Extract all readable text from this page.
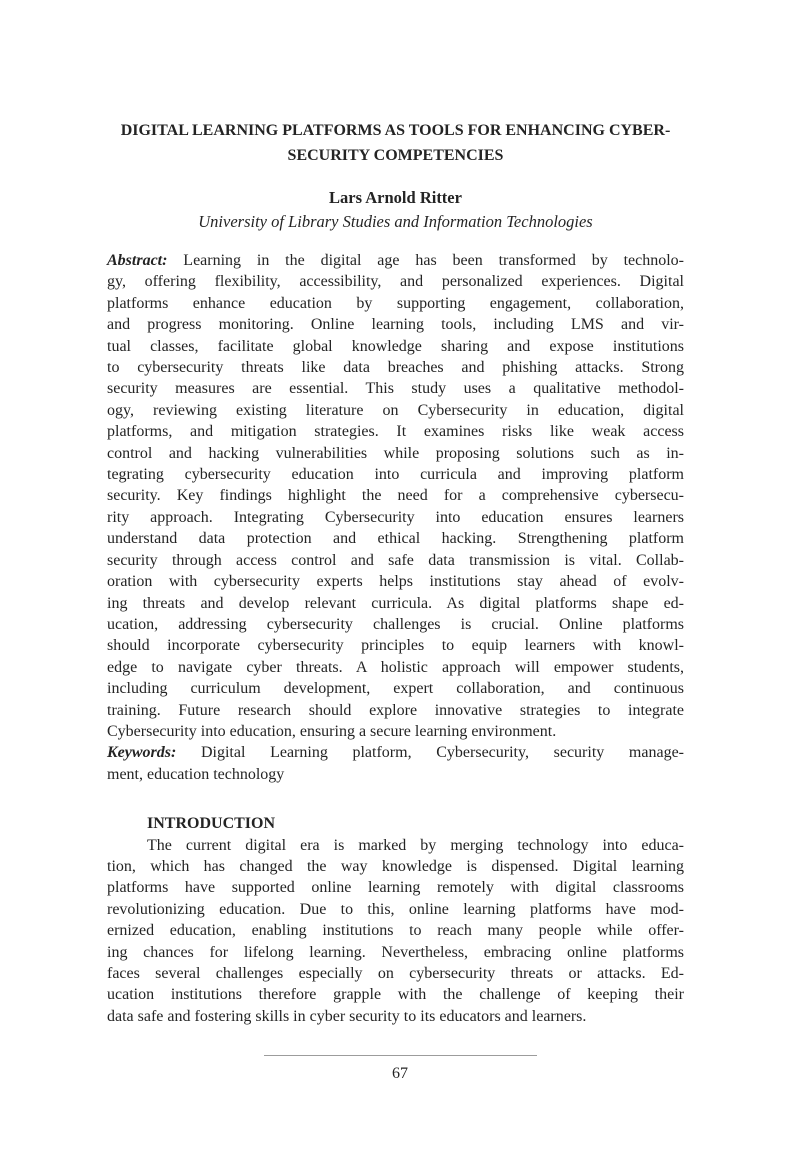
DIGITAL LEARNING PLATFORMS AS TOOLS FOR ENHANCING CYBER-
SECURITY COMPETENCIES
Lars Arnold Ritter
University of Library Studies and Information Technologies
Abstract: Learning in the digital age has been transformed by technolo-
gy, offering flexibility, accessibility, and personalized experiences. Digital
platforms enhance education by supporting engagement, collaboration,
and progress monitoring. Online learning tools, including LMS and vir-
tual classes, facilitate global knowledge sharing and expose institutions
to cybersecurity threats like data breaches and phishing attacks. Strong
security measures are essential. This study uses a qualitative methodol-
ogy, reviewing existing literature on Cybersecurity in education, digital
platforms, and mitigation strategies. It examines risks like weak access
control and hacking vulnerabilities while proposing solutions such as in-
tegrating cybersecurity education into curricula and improving platform
security. Key findings highlight the need for a comprehensive cybersecu-
rity approach. Integrating Cybersecurity into education ensures learners
understand data protection and ethical hacking. Strengthening platform
security through access control and safe data transmission is vital. Collab-
oration with cybersecurity experts helps institutions stay ahead of evolv-
ing threats and develop relevant curricula. As digital platforms shape ed-
ucation, addressing cybersecurity challenges is crucial. Online platforms
should incorporate cybersecurity principles to equip learners with knowl-
edge to navigate cyber threats. A holistic approach will empower students,
including curriculum development, expert collaboration, and continuous
training. Future research should explore innovative strategies to integrate
Cybersecurity into education, ensuring a secure learning environment.
Keywords: Digital Learning platform, Cybersecurity, security manage-
ment, education technology
INTRODUCTION
The current digital era is marked by merging technology into educa-
tion, which has changed the way knowledge is dispensed. Digital learning
platforms have supported online learning remotely with digital classrooms
revolutionizing education. Due to this, online learning platforms have mod-
ernized education, enabling institutions to reach many people while offer-
ing chances for lifelong learning. Nevertheless, embracing online platforms
faces several challenges especially on cybersecurity threats or attacks. Ed-
ucation institutions therefore grapple with the challenge of keeping their
data safe and fostering skills in cyber security to its educators and learners.
67
